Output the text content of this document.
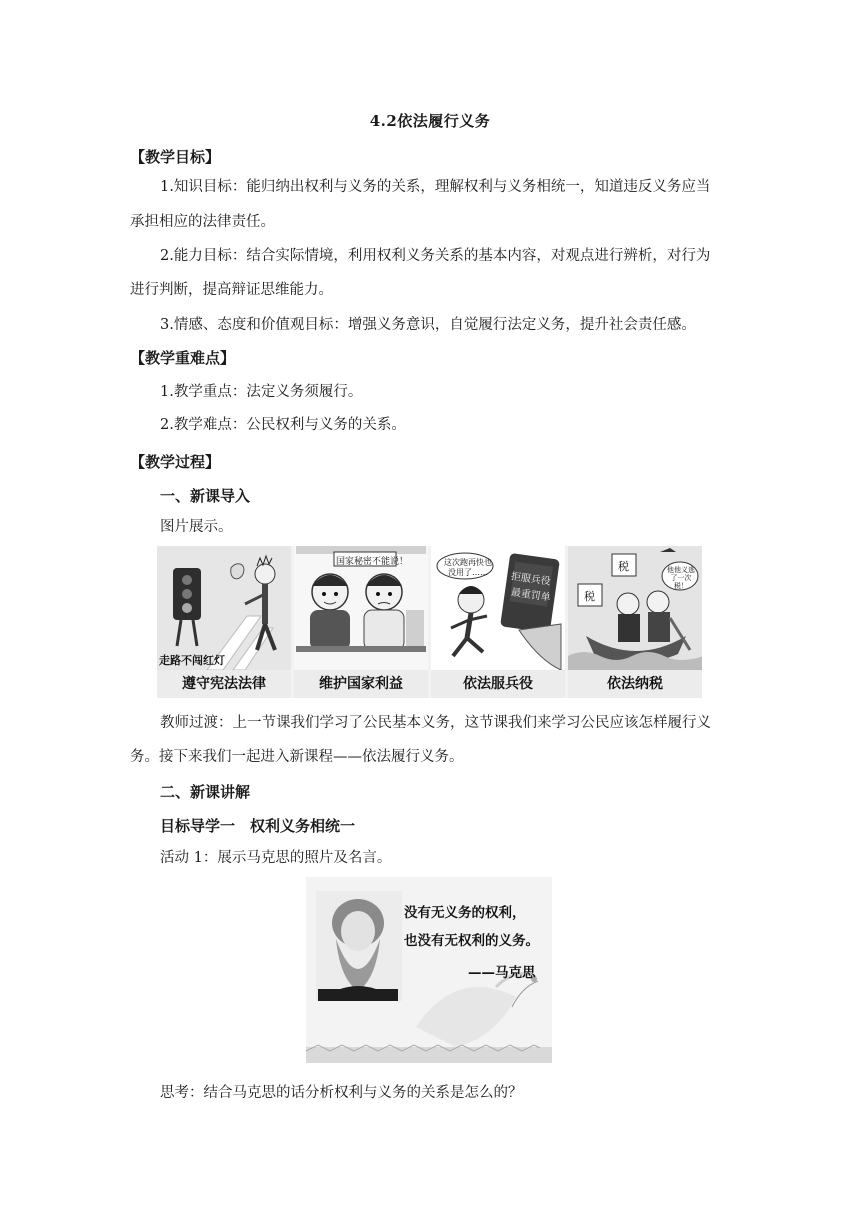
4.2依法履行义务
【教学目标】
1.知识目标：能归纳出权利与义务的关系，理解权利与义务相统一，知道违反义务应当
承担相应的法律责任。
2.能力目标：结合实际情境，利用权利义务关系的基本内容，对观点进行辨析，对行为
进行判断，提高辩证思维能力。
3.情感、态度和价值观目标：增强义务意识，自觉履行法定义务，提升社会责任感。
【教学重难点】
1.教学重点：法定义务须履行。
2.教学难点：公民权利与义务的关系。
【教学过程】
一、新课导入
图片展示。
走路不闯红灯
遵守宪法法律
国家秘密不能说！
维护国家利益
这次跑再快也没用了……	拒服兵役
最重罚单
依法服兵役
税
税
他他义逃了一次税！
依法纳税
教师过渡：上一节课我们学习了公民基本义务，这节课我们来学习公民应该怎样履行义
务。接下来我们一起进入新课程——依法履行义务。
二、新课讲解
目标导学一　权利义务相统一
活动 1：展示马克思的照片及名言。
没有无义务的权利，
也没有无权利的义务。
——马克思
思考：结合马克思的话分析权利与义务的关系是怎么的？
